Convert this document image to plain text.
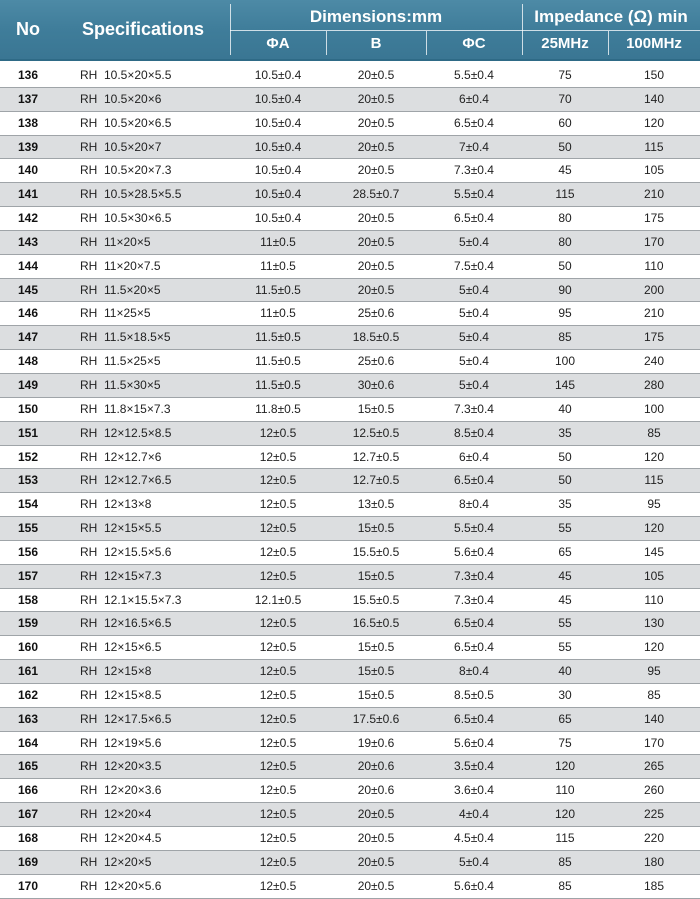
No	Specifications
Dimensions:mm	Impedance (Ω) min
ΦA	B	ΦC	25MHz	100MHz
136	RH  10.5×20×5.5	10.5±0.4	20±0.5	5.5±0.4	75	150
137	RH  10.5×20×6	10.5±0.4	20±0.5	6±0.4	70	140
138	RH  10.5×20×6.5	10.5±0.4	20±0.5	6.5±0.4	60	120
139	RH  10.5×20×7	10.5±0.4	20±0.5	7±0.4	50	115
140	RH  10.5×20×7.3	10.5±0.4	20±0.5	7.3±0.4	45	105
141	RH  10.5×28.5×5.5	10.5±0.4	28.5±0.7	5.5±0.4	115	210
142	RH  10.5×30×6.5	10.5±0.4	20±0.5	6.5±0.4	80	175
143	RH  11×20×5	11±0.5	20±0.5	5±0.4	80	170
144	RH  11×20×7.5	11±0.5	20±0.5	7.5±0.4	50	110
145	RH  11.5×20×5	11.5±0.5	20±0.5	5±0.4	90	200
146	RH  11×25×5	11±0.5	25±0.6	5±0.4	95	210
147	RH  11.5×18.5×5	11.5±0.5	18.5±0.5	5±0.4	85	175
148	RH  11.5×25×5	11.5±0.5	25±0.6	5±0.4	100	240
149	RH  11.5×30×5	11.5±0.5	30±0.6	5±0.4	145	280
150	RH  11.8×15×7.3	11.8±0.5	15±0.5	7.3±0.4	40	100
151	RH  12×12.5×8.5	12±0.5	12.5±0.5	8.5±0.4	35	85
152	RH  12×12.7×6	12±0.5	12.7±0.5	6±0.4	50	120
153	RH  12×12.7×6.5	12±0.5	12.7±0.5	6.5±0.4	50	115
154	RH  12×13×8	12±0.5	13±0.5	8±0.4	35	95
155	RH  12×15×5.5	12±0.5	15±0.5	5.5±0.4	55	120
156	RH  12×15.5×5.6	12±0.5	15.5±0.5	5.6±0.4	65	145
157	RH  12×15×7.3	12±0.5	15±0.5	7.3±0.4	45	105
158	RH  12.1×15.5×7.3	12.1±0.5	15.5±0.5	7.3±0.4	45	110
159	RH  12×16.5×6.5	12±0.5	16.5±0.5	6.5±0.4	55	130
160	RH  12×15×6.5	12±0.5	15±0.5	6.5±0.4	55	120
161	RH  12×15×8	12±0.5	15±0.5	8±0.4	40	95
162	RH  12×15×8.5	12±0.5	15±0.5	8.5±0.5	30	85
163	RH  12×17.5×6.5	12±0.5	17.5±0.6	6.5±0.4	65	140
164	RH  12×19×5.6	12±0.5	19±0.6	5.6±0.4	75	170
165	RH  12×20×3.5	12±0.5	20±0.6	3.5±0.4	120	265
166	RH  12×20×3.6	12±0.5	20±0.6	3.6±0.4	110	260
167	RH  12×20×4	12±0.5	20±0.5	4±0.4	120	225
168	RH  12×20×4.5	12±0.5	20±0.5	4.5±0.4	115	220
169	RH  12×20×5	12±0.5	20±0.5	5±0.4	85	180
170	RH  12×20×5.6	12±0.5	20±0.5	5.6±0.4	85	185
